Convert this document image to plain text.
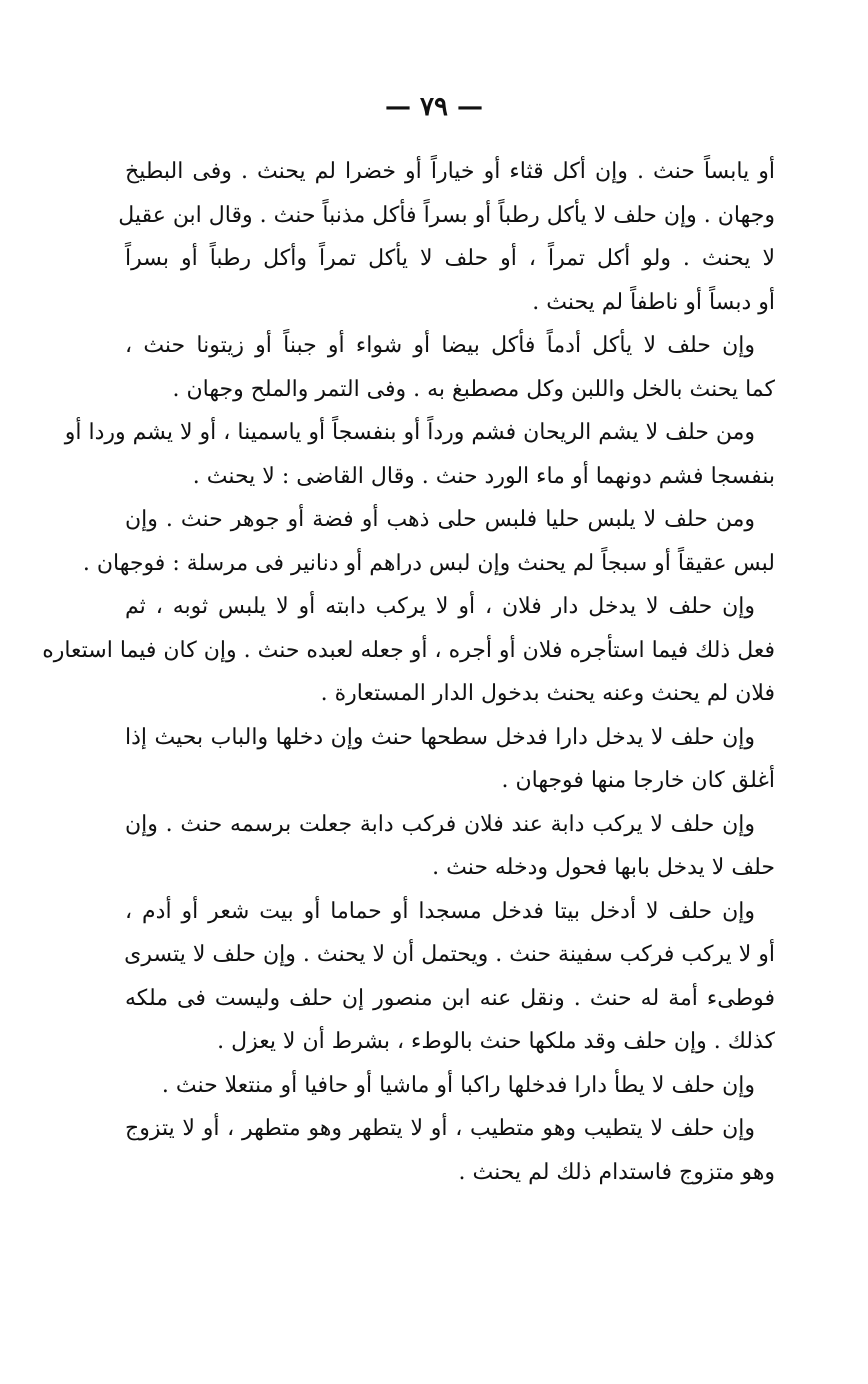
— ٧٩ —
أو يابساً حنث . وإن أكل قثاء أو خياراً أو خضرا لم يحنث . وفى البطيخ
وجهان . وإن حلف لا يأكل رطباً أو بسراً فأكل مذنباً حنث . وقال ابن عقيل
لا يحنث . ولو أكل تمراً ، أو حلف لا يأكل تمراً وأكل رطباً أو بسراً
أو دبساً أو ناطفاً لم يحنث .
وإن حلف لا يأكل أدماً فأكل بيضا أو شواء أو جبناً أو زيتونا حنث ،
كما يحنث بالخل واللبن وكل مصطبغ به . وفى التمر والملح وجهان .
ومن حلف لا يشم الريحان فشم ورداً أو بنفسجاً أو ياسمينا ، أو لا يشم وردا أو
بنفسجا فشم دونهما أو ماء الورد حنث . وقال القاضى : لا يحنث .
ومن حلف لا يلبس حليا فلبس حلى ذهب أو فضة أو جوهر حنث . وإن
لبس عقيقاً أو سبجاً لم يحنث وإن لبس دراهم أو دنانير فى مرسلة : فوجهان .
وإن حلف لا يدخل دار فلان ، أو لا يركب دابته أو لا يلبس ثوبه ، ثم
فعل ذلك فيما استأجره فلان أو أجره ، أو جعله لعبده حنث . وإن كان فيما استعاره
فلان لم يحنث وعنه يحنث بدخول الدار المستعارة .
وإن حلف لا يدخل دارا فدخل سطحها حنث وإن دخلها والباب بحيث إذا
أغلق كان خارجا منها فوجهان .
وإن حلف لا يركب دابة عند فلان فركب دابة جعلت برسمه حنث . وإن
حلف لا يدخل بابها فحول ودخله حنث .
وإن حلف لا أدخل بيتا فدخل مسجدا أو حماما أو بيت شعر أو أدم ،
أو لا يركب فركب سفينة حنث . ويحتمل أن لا يحنث . وإن حلف لا يتسرى
فوطىء أمة له حنث . ونقل عنه ابن منصور إن حلف وليست فى ملكه
كذلك . وإن حلف وقد ملكها حنث بالوطء ، بشرط أن لا يعزل .
وإن حلف لا يطأ دارا فدخلها راكبا أو ماشيا أو حافيا أو منتعلا حنث .
وإن حلف لا يتطيب وهو متطيب ، أو لا يتطهر وهو متطهر ، أو لا يتزوج
وهو متزوج فاستدام ذلك لم يحنث .
